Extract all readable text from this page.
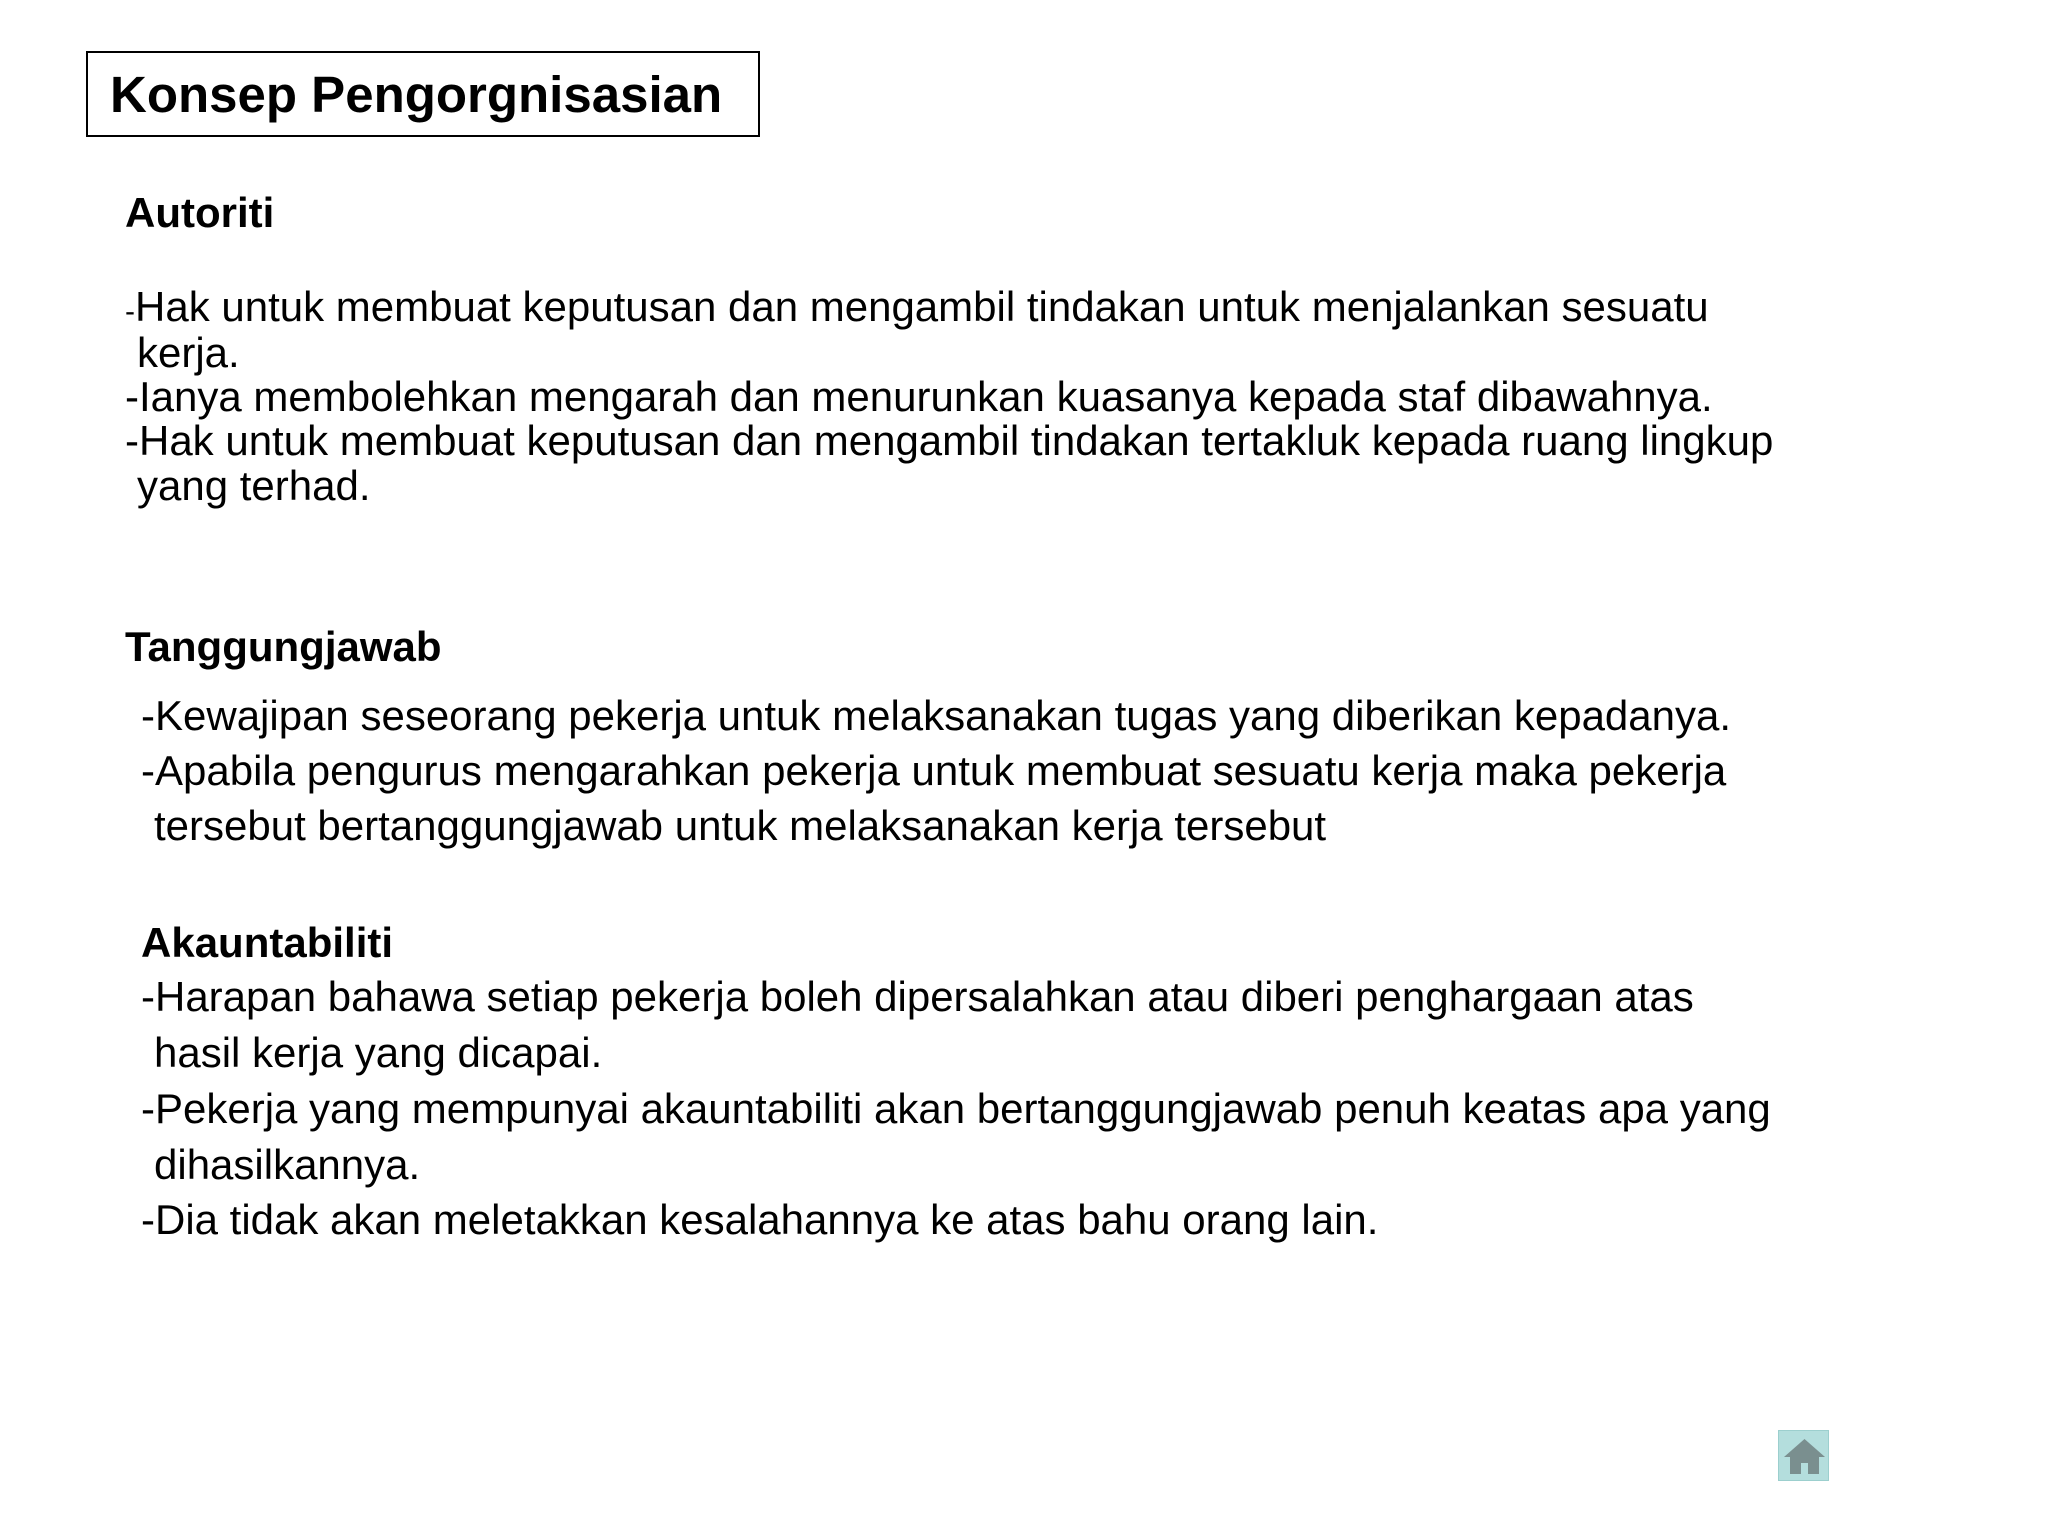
Konsep Pengorgnisasian
Autoriti
-Hak untuk membuat keputusan dan mengambil tindakan untuk menjalankan sesuatu
kerja.
-Ianya membolehkan mengarah dan menurunkan kuasanya kepada staf dibawahnya.
-Hak untuk membuat keputusan dan mengambil tindakan tertakluk kepada ruang lingkup
yang terhad.
Tanggungjawab
-Kewajipan seseorang pekerja untuk melaksanakan tugas yang diberikan kepadanya.
-Apabila pengurus mengarahkan pekerja untuk membuat sesuatu kerja maka pekerja
tersebut bertanggungjawab untuk melaksanakan kerja tersebut
Akauntabiliti
-Harapan bahawa setiap pekerja boleh dipersalahkan atau diberi penghargaan atas
hasil kerja yang dicapai.
-Pekerja yang mempunyai akauntabiliti akan bertanggungjawab penuh keatas apa yang
dihasilkannya.
-Dia tidak akan meletakkan kesalahannya ke atas bahu orang lain.
